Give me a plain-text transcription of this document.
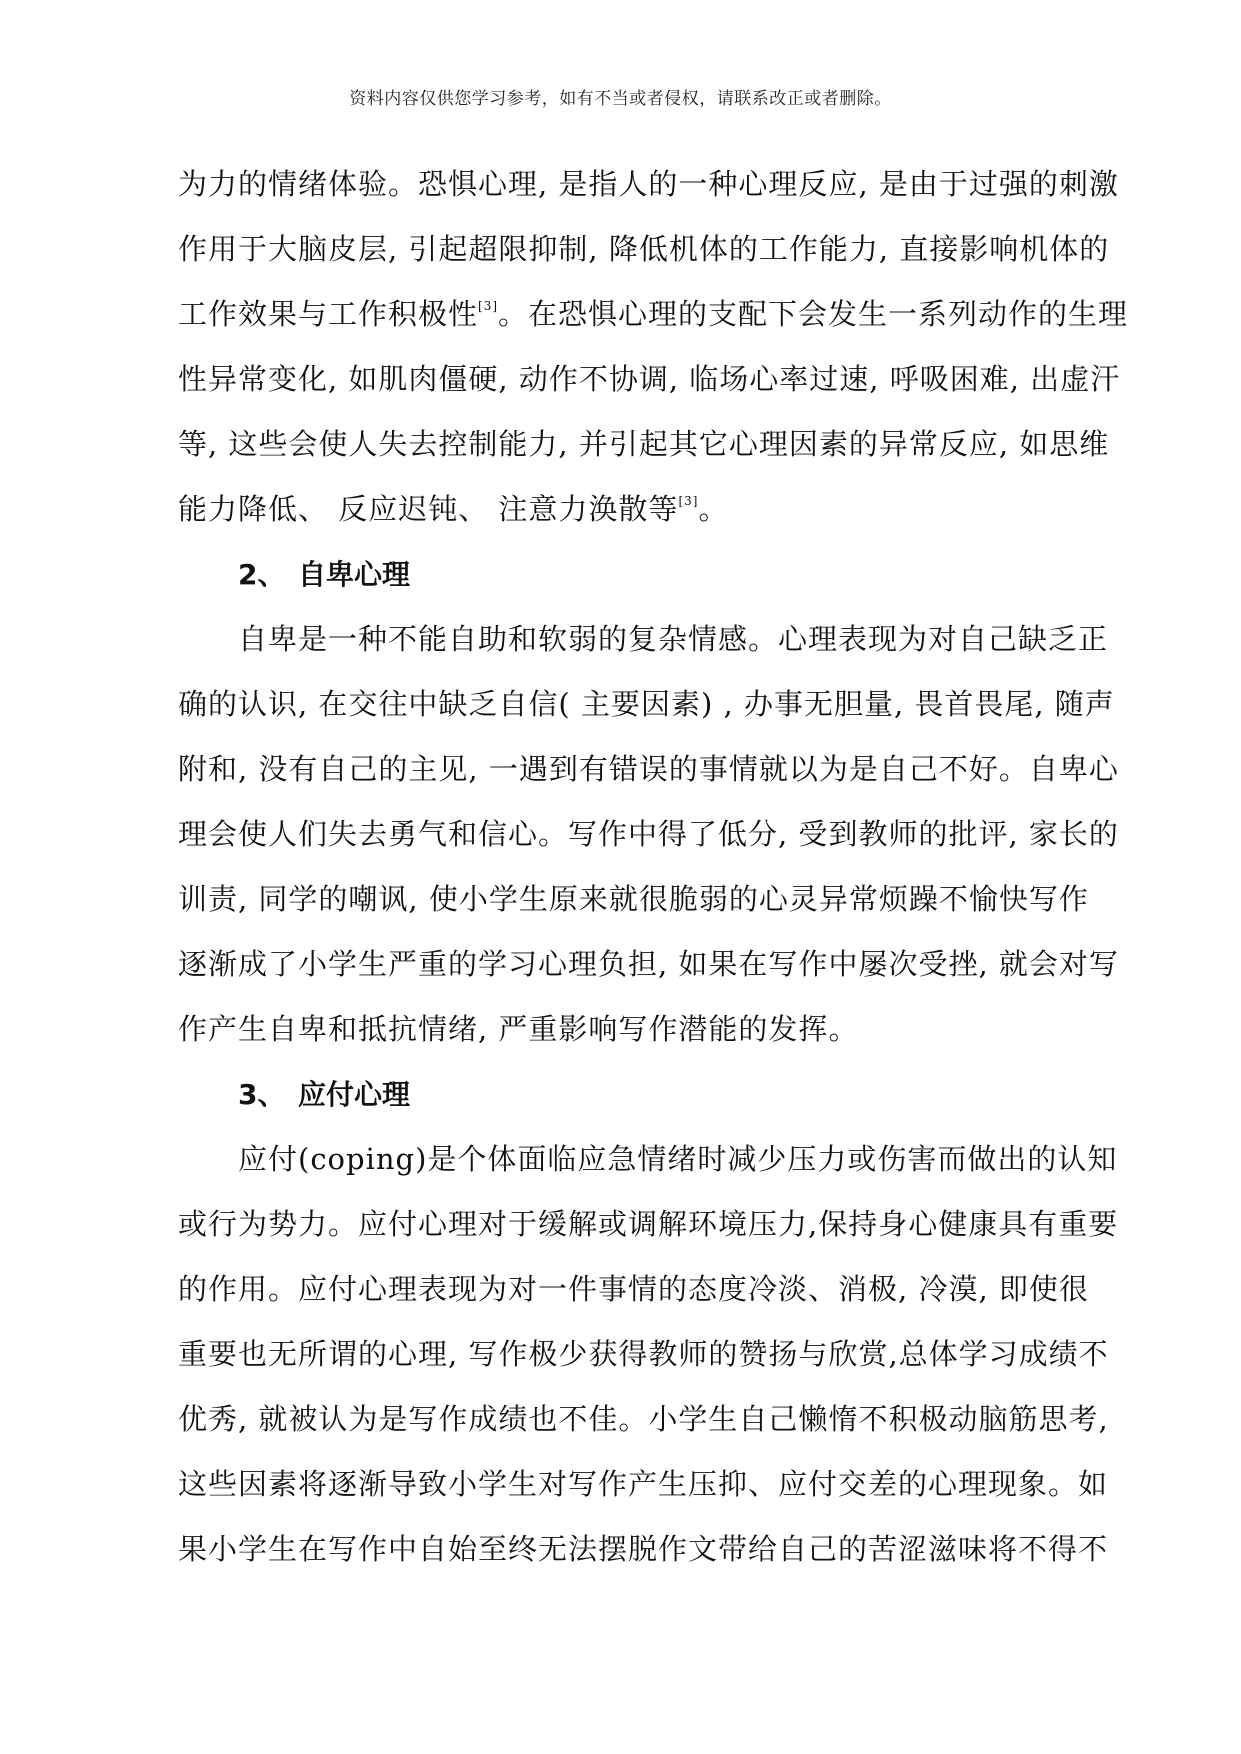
资料内容仅供您学习参考，如有不当或者侵权，请联系改正或者删除。
为力的情绪体验。恐惧心理, 是指人的一种心理反应, 是由于过强的刺激
作用于大脑皮层, 引起超限抑制, 降低机体的工作能力, 直接影响机体的
工作效果与工作积极性[3]。在恐惧心理的支配下会发生一系列动作的生理
性异常变化, 如肌肉僵硬, 动作不协调, 临场心率过速, 呼吸困难, 出虚汗
等, 这些会使人失去控制能力, 并引起其它心理因素的异常反应, 如思维
能力降低、 反应迟钝、 注意力涣散等[3]。
2、 自卑心理
自卑是一种不能自助和软弱的复杂情感。心理表现为对自己缺乏正
确的认识, 在交往中缺乏自信( 主要因素) , 办事无胆量, 畏首畏尾, 随声
附和, 没有自己的主见, 一遇到有错误的事情就以为是自己不好。自卑心
理会使人们失去勇气和信心。写作中得了低分, 受到教师的批评, 家长的
训责, 同学的嘲讽, 使小学生原来就很脆弱的心灵异常烦躁不愉快写作
逐渐成了小学生严重的学习心理负担, 如果在写作中屡次受挫, 就会对写
作产生自卑和抵抗情绪, 严重影响写作潜能的发挥。
3、 应付心理
应付(coping)是个体面临应急情绪时减少压力或伤害而做出的认知
或行为势力。应付心理对于缓解或调解环境压力,保持身心健康具有重要
的作用。应付心理表现为对一件事情的态度冷淡、消极, 冷漠, 即使很
重要也无所谓的心理, 写作极少获得教师的赞扬与欣赏,总体学习成绩不
优秀, 就被认为是写作成绩也不佳。小学生自己懒惰不积极动脑筋思考,
这些因素将逐渐导致小学生对写作产生压抑、应付交差的心理现象。如
果小学生在写作中自始至终无法摆脱作文带给自己的苦涩滋味将不得不
